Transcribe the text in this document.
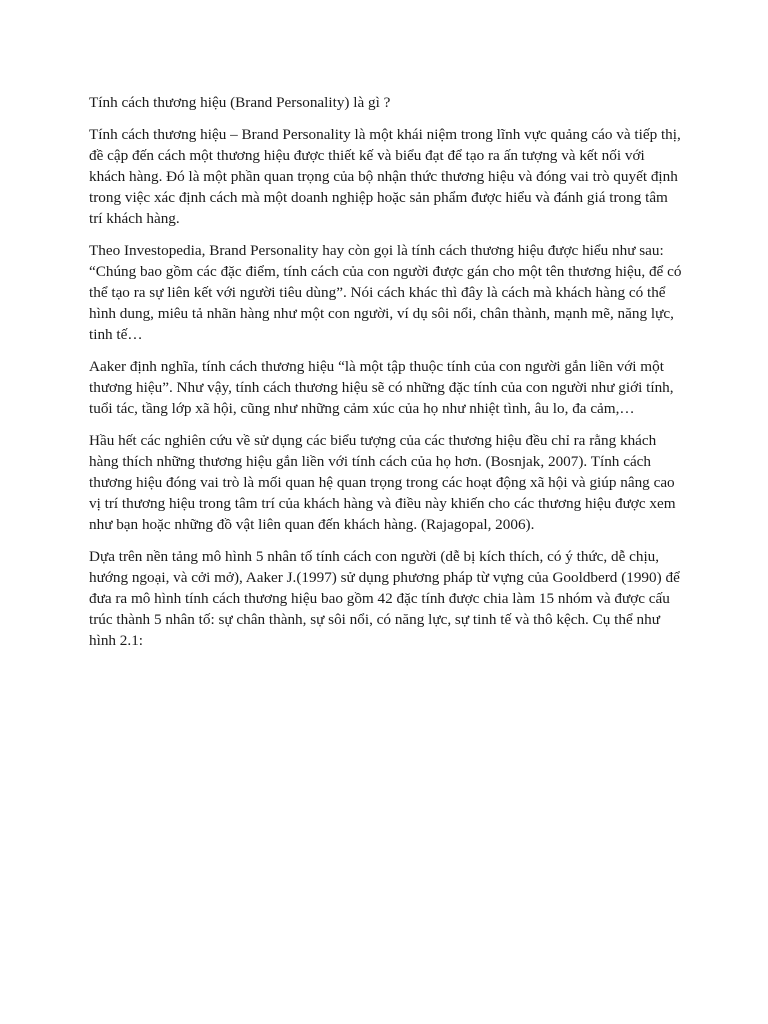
Tính cách thương hiệu (Brand Personality) là gì ?

Tính cách thương hiệu – Brand Personality là một khái niệm trong lĩnh vực quảng cáo và tiếp thị, đề cập đến cách một thương hiệu được thiết kế và biểu đạt để tạo ra ấn tượng và kết nối với khách hàng. Đó là một phần quan trọng của bộ nhận thức thương hiệu và đóng vai trò quyết định trong việc xác định cách mà một doanh nghiệp hoặc sản phẩm được hiểu và đánh giá trong tâm trí khách hàng.

Theo Investopedia, Brand Personality hay còn gọi là tính cách thương hiệu được hiểu như sau: “Chúng bao gồm các đặc điểm, tính cách của con người được gán cho một tên thương hiệu, để có thể tạo ra sự liên kết với người tiêu dùng”. Nói cách khác thì đây là cách mà khách hàng có thể hình dung, miêu tả nhãn hàng như một con người, ví dụ sôi nổi, chân thành, mạnh mẽ, năng lực, tinh tế…

Aaker định nghĩa, tính cách thương hiệu “là một tập thuộc tính của con người gắn liền với một thương hiệu”. Như vậy, tính cách thương hiệu sẽ có những đặc tính của con người như giới tính, tuổi tác, tầng lớp xã hội, cũng như những cảm xúc của họ như nhiệt tình, âu lo, đa cảm,…

Hầu hết các nghiên cứu về sử dụng các biểu tượng của các thương hiệu đều chỉ ra rằng khách hàng thích những thương hiệu gắn liền với tính cách của họ hơn. (Bosnjak, 2007). Tính cách thương hiệu đóng vai trò là mối quan hệ quan trọng trong các hoạt động xã hội và giúp nâng cao vị trí thương hiệu trong tâm trí của khách hàng và điều này khiến cho các thương hiệu được xem như bạn hoặc những đồ vật liên quan đến khách hàng. (Rajagopal, 2006).

Dựa trên nền tảng mô hình 5 nhân tố tính cách con người (dễ bị kích thích, có ý thức, dễ chịu, hướng ngoại, và cởi mở), Aaker J.(1997) sử dụng phương pháp từ vựng của Gooldberd (1990) để đưa ra mô hình tính cách thương hiệu bao gồm 42 đặc tính được chia làm 15 nhóm và được cấu trúc thành 5 nhân tố: sự chân thành, sự sôi nổi, có năng lực, sự tinh tế và thô kệch. Cụ thể như hình 2.1:
